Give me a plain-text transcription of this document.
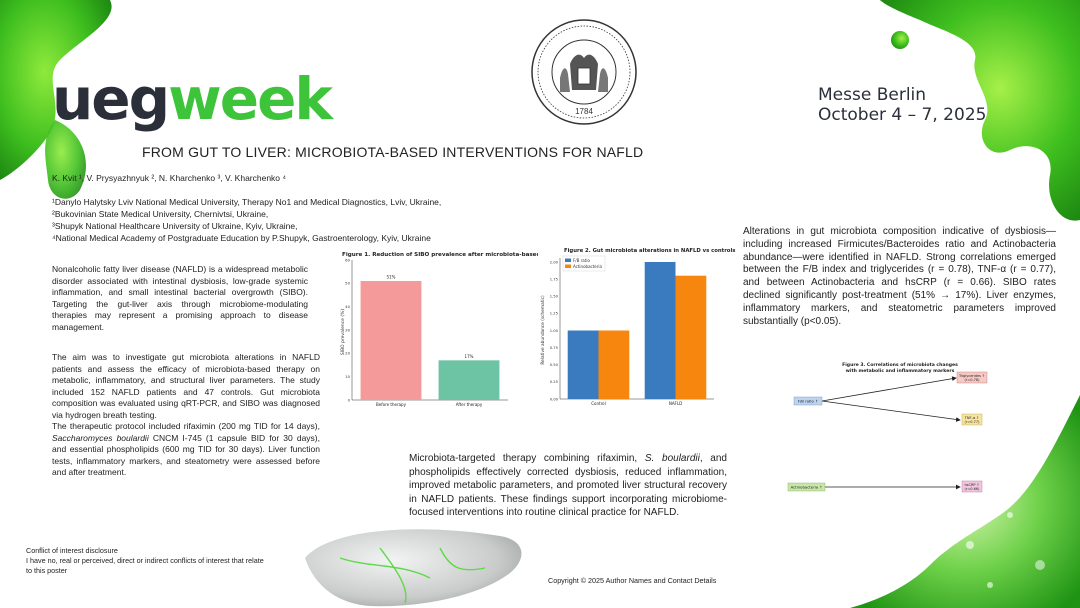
uegweek	1784
Messe Berlin
October 4 – 7, 2025
FROM GUT TO LIVER: MICROBIOTA-BASED INTERVENTIONS FOR NAFLD
K. Kvit ¹, V. Prysyazhnyuk ², N. Kharchenko ³, V. Kharchenko ⁴
¹Danylo Halytsky Lviv National Medical University, Therapy No1 and Medical Diagnostics, Lviv, Ukraine,
²Bukovinian State Medical University, Chernivtsi, Ukraine,
³Shupyk National Healthcare University of Ukraine, Kyiv, Ukraine,
⁴National Medical Academy of Postgraduate Education by P.Shupyk, Gastroenterology, Kyiv, Ukraine
Nonalcoholic fatty liver disease (NAFLD) is a widespread metabolic disorder associated with intestinal dysbiosis, low-grade systemic inflammation, and small intestinal bacterial overgrowth (SIBO). Targeting the gut-liver axis through microbiome-modulating therapies may represent a promising approach to disease management.
The aim was to investigate gut microbiota alterations in NAFLD patients and assess the efficacy of microbiota-based therapy on metabolic, inflammatory, and structural liver parameters. The study included 152 NAFLD patients and 47 controls. Gut microbiota composition was evaluated using qRT-PCR, and SIBO was diagnosed via hydrogen breath testing.
The therapeutic protocol included rifaximin (200 mg TID for 14 days), Saccharomyces boulardii CNCM I-745 (1 capsule BID for 30 days), and essential phospholipids (600 mg TID for 30 days). Liver function tests, inflammatory markers, and steatometry were assessed before and after treatment.
Alterations in gut microbiota composition indicative of dysbiosis—including increased Firmicutes/Bacteroides ratio and Actinobacteria abundance—were identified in NAFLD. Strong correlations emerged between the F/B index and triglycerides (r = 0.78), TNF-α (r = 0.77), and between Actinobacteria and hsCRP (r = 0.66). SIBO rates declined significantly post-treatment (51% → 17%). Liver enzymes, inflammatory markers, and steatometric parameters improved substantially (p<0.05).
Microbiota-targeted therapy combining rifaximin, S. boulardii, and phospholipids effectively corrected dysbiosis, reduced inflammation, improved metabolic parameters, and promoted liver structural recovery in NAFLD patients. These findings support incorporating microbiome-focused interventions into routine clinical practice for NAFLD.
Figure 1. Reduction of SIBO prevalence after microbiota-based ther
SIBO prevalence (%)
0
10
20
30
40
50
60
51%
Before therapy
17%
After therapy
Figure 2. Gut microbiota alterations in NAFLD vs controls
Relative abundance (schematic)
0.00
0.25
0.50
0.75
1.00
1.25
1.50
1.75
2.00
Control	NAFLD
F/B ratio
Actinobacteria
Figure 3. Correlations of microbiota changes
with metabolic and inflammatory markers
F/B ratio ↑
Triglycerides ↑
(r=0.78)
TNF-α ↑
(r=0.77)
Actinobacteria ↑	hsCRP ↑
(r=0.66)
Conflict of interest disclosure
I have no, real or perceived, direct or indirect conflicts of interest that relate
to this poster
Copyright © 2025 Author Names and Contact Details
